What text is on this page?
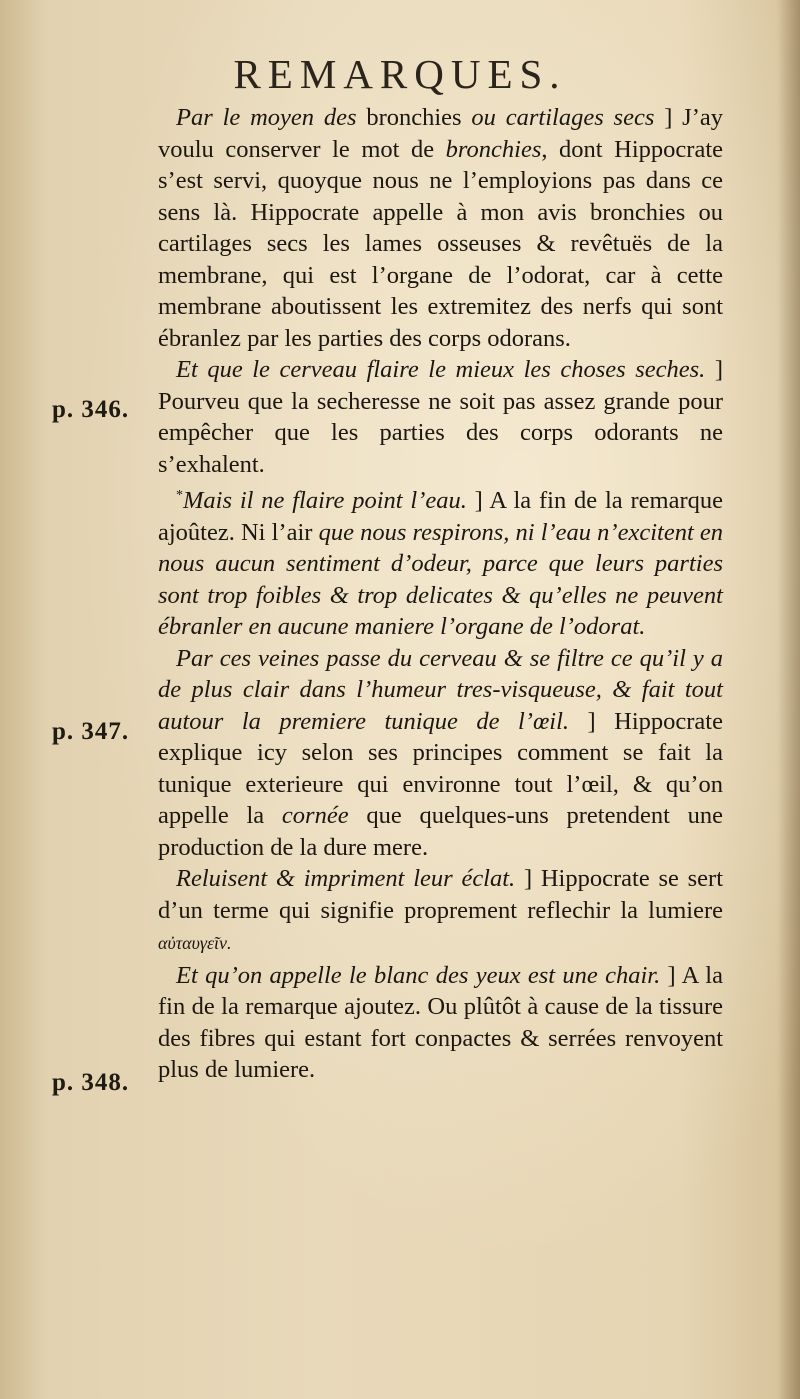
REMARQUES.
p. 346.
p. 347.
p. 348.

Par le moyen des bronchies ou cartilages secs ] J’ay voulu conserver le mot de bronchies, dont Hippocrate s’est servi, quoyque nous ne l’employions pas dans ce sens là. Hippocrate appelle à mon avis bronchies ou cartilages secs les lames osseuses & revêtuës de la membrane, qui est l’organe de l’odorat, car à cette membrane aboutissent les extremitez des nerfs qui sont ébranlez par les parties des corps odorans.

Et que le cerveau flaire le mieux les choses seches. ] Pourveu que la secheresse ne soit pas assez grande pour empêcher que les parties des corps odorants ne s’exhalent.

*Mais il ne flaire point l’eau. ] A la fin de la remarque ajoûtez. Ni l’air que nous respirons, ni l’eau n’excitent en nous aucun sentiment d’odeur, parce que leurs parties sont trop foibles & trop delicates & qu’elles ne peuvent ébranler en aucune maniere l’organe de l’odorat.

Par ces veines passe du cerveau & se filtre ce qu’il y a de plus clair dans l’humeur tres-visqueuse, & fait tout autour la premiere tunique de l’œil. ] Hippocrate explique icy selon ses principes comment se fait la tunique exterieure qui environne tout l’œil, & qu’on appelle la cornée que quelques-uns pretendent une production de la dure mere.

Reluisent & impriment leur éclat. ] Hippocrate se sert d’un terme qui signifie proprement reflechir la lumiere αὐταυγεῖν.

Et qu’on appelle le blanc des yeux est une chair. ] A la fin de la remarque ajoutez. Ou plûtôt à cause de la tissure des fibres qui estant fort conpactes & serrées renvoyent plus de lumiere.
